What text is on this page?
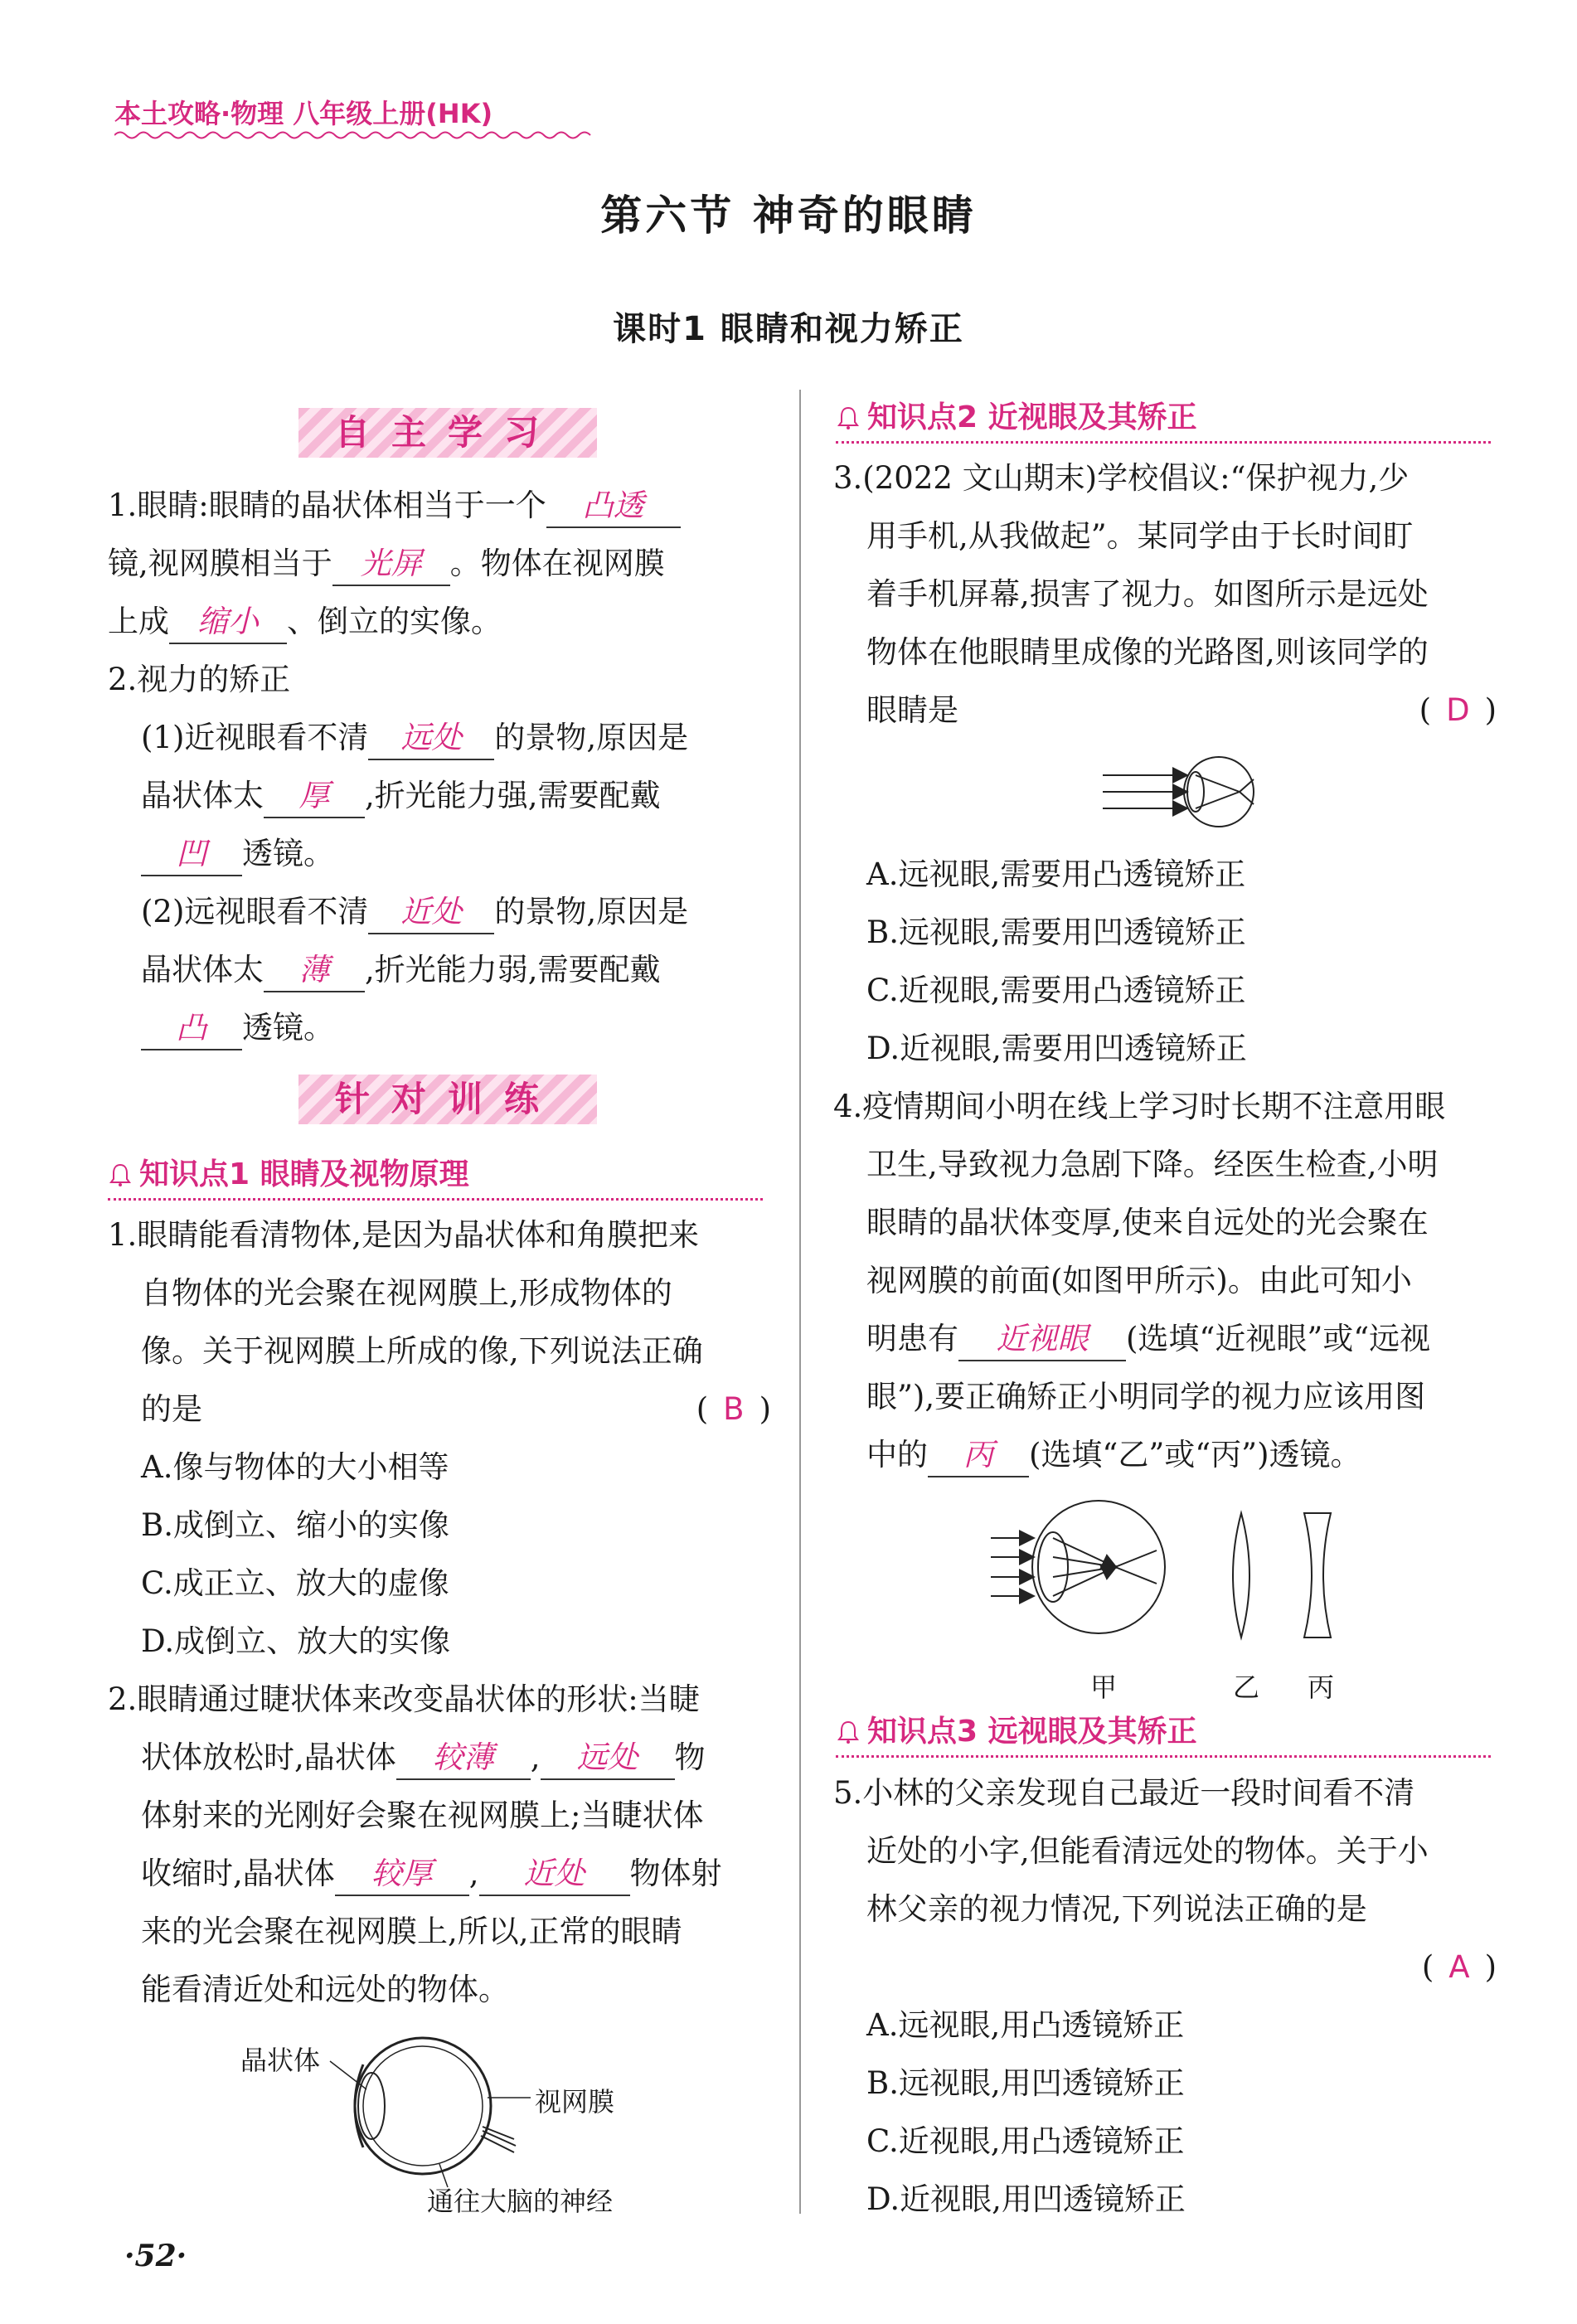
本土攻略·物理 八年级上册(HK)
第六节 神奇的眼睛
课时1 眼睛和视力矫正
自主学习
1.眼睛:眼睛的晶状体相当于一个 凸透
镜,视网膜相当于 光屏 。物体在视网膜
上成 缩小 、倒立的实像。
2.视力的矫正
(1)近视眼看不清 远处 的景物,原因是
晶状体太 厚 ,折光能力强,需要配戴
凹 透镜。
(2)远视眼看不清 近处 的景物,原因是
晶状体太 薄 ,折光能力弱,需要配戴
凸 透镜。
针对训练
知识点1 眼睛及视物原理
1.眼睛能看清物体,是因为晶状体和角膜把来
自物体的光会聚在视网膜上,形成物体的
像。关于视网膜上所成的像,下列说法正确
的是	( B )
A.像与物体的大小相等
B.成倒立、缩小的实像
C.成正立、放大的虚像
D.成倒立、放大的实像
2.眼睛通过睫状体来改变晶状体的形状:当睫
状体放松时,晶状体 较薄 , 远处 物
体射来的光刚好会聚在视网膜上;当睫状体
收缩时,晶状体 较厚 , 近处 物体射
来的光会聚在视网膜上,所以,正常的眼睛
能看清近处和远处的物体。
晶状体
视网膜
通往大脑的神经
·52·
知识点2 近视眼及其矫正
3.(2022 文山期末)学校倡议:“保护视力,少
用手机,从我做起”。某同学由于长时间盯
着手机屏幕,损害了视力。如图所示是远处
物体在他眼睛里成像的光路图,则该同学的
眼睛是	( D )
A.远视眼,需要用凸透镜矫正
B.远视眼,需要用凹透镜矫正
C.近视眼,需要用凸透镜矫正
D.近视眼,需要用凹透镜矫正
4.疫情期间小明在线上学习时长期不注意用眼
卫生,导致视力急剧下降。经医生检查,小明
眼睛的晶状体变厚,使来自远处的光会聚在
视网膜的前面(如图甲所示)。由此可知小
明患有 近视眼 (选填“近视眼”或“远视
眼”),要正确矫正小明同学的视力应该用图
中的 丙 (选填“乙”或“丙”)透镜。
甲	乙 丙
知识点3 远视眼及其矫正
5.小林的父亲发现自己最近一段时间看不清
近处的小字,但能看清远处的物体。关于小
林父亲的视力情况,下列说法正确的是
( A )
A.远视眼,用凸透镜矫正
B.远视眼,用凹透镜矫正
C.近视眼,用凸透镜矫正
D.近视眼,用凹透镜矫正
